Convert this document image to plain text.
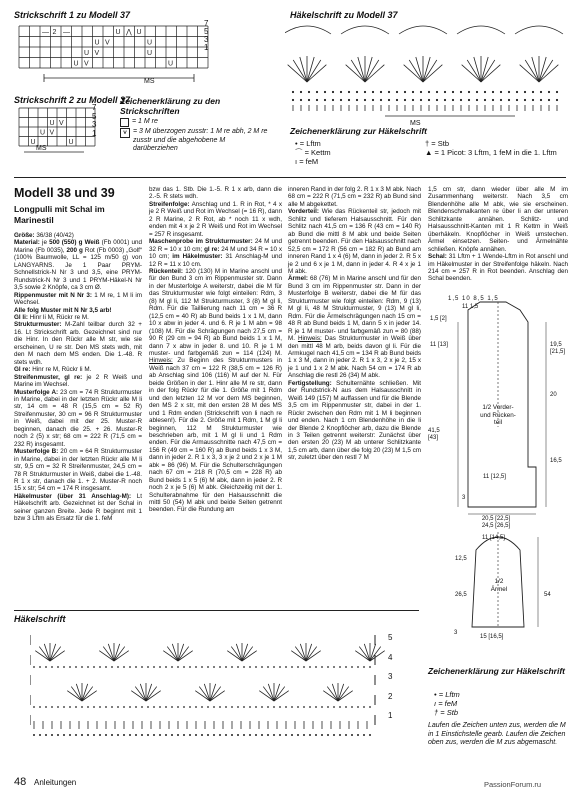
Strickschrift 1 zu Modell 37
— 2 —	U ⋀ U
U V	U
U V	U
U V	U
7
5
3
1
MS
Strickschrift 2 zu Modell 37
U V
U V
U	U
7
5
3
1
MS
Zeichenerklärung zu den Strickschriften
= 1 M re
⩛ = 3 M überzogen zusstr: 1 M re abh, 2 M re zusstr und die abgehobene M darüberziehen
Häkelschrift zu Modell 37
MS
Zeichenerklärung zur Häkelschrift
• = Lftm
⌒ = Kettm
ı = feM
† = Stb
▲ = 1 Picot: 3 Lftm, 1 feM in die 1. Lftm
Modell 38 und 39
Longpulli mit Schal im Marinestil

Größe: 36/38 (40/42)

Material: je 500 (550) g Weiß (Fb 0001) und Marine (Fb 0035), 200 g Rot (Fb 0003) „Golf“ (100% Baumwolle, LL = 125 m/50 g) von LANGYARNS. Je 1 Paar PRYM-Schnellstrick-N Nr 3 und 3,5, eine PRYM-Rundstrick-N Nr 3 und 1 PRYM-Häkel-N Nr 3,5 sowie 2 Knöpfe, ca 3 cm Ø.

Rippenmuster mit N Nr 3: 1 M re, 1 M li im Wechsel.

Alle folg Muster mit N Nr 3,5 arb!

Gl li: Hinr li M, Rückr re M.

Strukturmuster: M-Zahl teilbar durch 32 + 16. Lt Strickschrift arb. Gezeichnet sind nur die Hinr. In den Rückr alle M str, wie sie erscheinen, U re str. Den MS stets wdh, mit den M nach dem MS enden. Die 1.-48. R stets wdh.

Gl re: Hinr re M, Rückr li M.

Streifenmuster, gl re: je 2 R Weiß und Marine im Wechsel.

Musterfolge A: 23 cm = 74 R Strukturmuster in Marine, dabei in der letzten Rückr alle M li str, 14 cm = 48 R (15,5 cm = 52 R) Streifenmuster, 30 cm = 96 R Strukturmuster in Weiß, dabei mit der 25. Muster-R beginnen, danach die 25. + 26. Muster-R noch 2 (5) x str; 68 cm = 222 R (71,5 cm = 232 R) insgesamt.

Musterfolge B: 20 cm = 64 R Strukturmuster in Marine, dabei in der letzten Rückr alle M li str, 9,5 cm = 32 R Streifenmuster, 24,5 cm = 78 R Strukturmuster in Weiß, dabei die 1.-48. R 1 x str, danach die 1. + 2. Muster-R noch 15 x str; 54 cm = 174 R insgesamt.

Häkelmuster (über 31 Anschlag-M): Lt Häkelschrift arb. Gezeichnet ist der Schal in seiner ganzen Breite. Jede R beginnt mit 1 bzw 3 Lftm als Ersatz für die 1. feM

bzw das 1. Stb. Die 1.-5. R 1 x arb, dann die 2.-5. R stets wdh.

Streifenfolge: Anschlag und 1. R in Rot, * 4 x je 2 R Weiß und Rot im Wechsel (= 16 R), dann 2 R Marine, 2 R Rot, ab * noch 11 x wdh, enden mit 4 x je 2 R Weiß und Rot im Wechsel = 257 R insgesamt.

Maschenprobe im Strukturmuster: 24 M und 32 R = 10 x 10 cm; gl re: 24 M und 34 R = 10 x 10 cm; im Häkelmuster: 31 Anschlag-M und 12 R = 11 x 10 cm.

Rückenteil: 120 (130) M in Marine anschl und für den Bund 3 cm im Rippenmuster str. Dann in der Musterfolge A weiterstr, dabei die M für das Strukturmuster wie folgt einteilen: Rdm, 3 (8) M gl li, 112 M Strukturmuster, 3 (8) M gl li, Rdm. Für die Taillierung nach 11 cm = 36 R (12,5 cm = 40 R) ab Bund beids 1 x 1 M, dann 10 x abw in jeder 4. und 6. R je 1 M abn = 98 (108) M. Für die Schrägungen nach 27,5 cm = 90 R (29 cm = 94 R) ab Bund beids 1 x 1 M, dann 7 x abw in jeder 8. und 10. R je 1 M muster- und farbgemäß zun = 114 (124) M. Hinweis: Zu Beginn des Strukturmusters in Weiß nach 37 cm = 122 R (38,5 cm = 126 R) ab Anschlag sind 106 (116) M auf der N. Für beide Größen in der 1. Hinr alle M re str, dann in der folg Rückr für die 1. Größe mit 1 Rdm und den letzten 12 M vor dem MS beginnen, den MS 2 x str, mit den ersten 28 M des MS und 1 Rdm enden (Strickschrift von li nach re ablesen!). Für die 2. Größe mit 1 Rdm, 1 M gl li beginnen, 112 M Strukturmuster wie beschrieben arb, mit 1 M gl li und 1 Rdm enden. Für die Armausschnitte nach 47,5 cm = 156 R (49 cm = 160 R) ab Bund beids 1 x 3 M, dann in jeder 2. R 1 x 3, 3 x je 2 und 2 x je 1 M abk = 86 (96) M. Für die Schulterschrägungen nach 67 cm = 218 R (70,5 cm = 228 R) ab Bund beids 1 x 5 (6) M abk, dann in jeder 2. R noch 2 x je 5 (6) M abk. Gleichzeitig mit der 1. Schulterabnahme für den Halsausschnitt die mittl 50 (54) M abk und beide Seiten getrennt beenden. Für die Rundung am

inneren Rand in der folg 2. R 1 x 3 M abk. Nach 68 cm = 222 R (71,5 cm = 232 R) ab Bund sind alle M abgekettet.

Vorderteil: Wie das Rückenteil str, jedoch mit Schlitz und tieferem Halsausschnitt. Für den Schlitz nach 41,5 cm = 136 R (43 cm = 140 R) ab Bund die mittl 8 M abk und beide Seiten getrennt beenden. Für den Halsausschnitt nach 52,5 cm = 172 R (56 cm = 182 R) ab Bund am inneren Rand 1 x 4 (6) M, dann in jeder 2. R 5 x je 2 und 6 x je 1 M, dann in jeder 4. R 4 x je 1 M abk.

Ärmel: 68 (76) M in Marine anschl und für den Bund 3 cm im Rippenmuster str. Dann in der Musterfolge B weiterstr, dabei die M für das Strukturmuster wie folgt einteilen: Rdm, 9 (13) M gl li, 48 M Strukturmuster, 9 (13) M gl li, Rdm. Für die Ärmelschrägungen nach 15 cm = 48 R ab Bund beids 1 M, dann 5 x in jeder 14. R je 1 M muster- und farbgemäß zun = 80 (88) M. Hinweis: Das Strukturmuster in Weiß über den mittl 48 M arb, beids davon gl li. Für die Armkugel nach 41,5 cm = 134 R ab Bund beids 1 x 3 M, dann in jeder 2. R 1 x 3, 2 x je 2, 15 x je 1 und 1 x 2 M abk. Nach 54 cm = 174 R ab Anschlag die restl 26 (34) M abk.

Fertigstellung: Schulternähte schließen. Mit der Rundstrick-N aus dem Halsausschnitt in Weiß 149 (157) M auffassen und für die Blende 3,5 cm im Rippenmuster str, dabei in der 1. Rückr zwischen den Rdm mit 1 M li beginnen und enden. Nach 1 cm Blendenhöhe in die li der Blende 2 Knopflöcher arb, dazu die Blende in 3 Teilen getrennt weiterstr: Zunächst über den ersten 20 (23) M ab unterer Schlitzkante 1,5 cm arb, dann über die folg 20 (23) M 1,5 cm str, zuletzt über den restl 7 M

1,5 cm str, dann wieder über alle M im Zusammenhang weiterstr. Nach 3,5 cm Blendenhöhe alle M abk, wie sie erscheinen. Blendenschmalkanten re über li an der unteren Schlitzkante annähen. Schlitz- und Halsausschnitt-Kanten mit 1 R Kettm in Weiß überhäkeln. Knopflöcher in Weiß umstechen. Ärmel einsetzen. Seiten- und Ärmelnähte schließen. Knöpfe annähen.

Schal: 31 Lftm + 1 Wende-Lftm in Rot anschl und im Häkelmuster in der Streifenfolge häkeln. Nach 214 cm = 257 R in Rot beenden. Anschlag den Schal beenden.

1,5 10 8,5 1,5
11 1,5
1,5 [2]
11 [13]
41,5 [43]
19,5 [21,5]
20
16,5
1/2 Vorder- und Rücken-teil
11 [12,5]
3
20,5 [22,5]
24,5 [26,5]
11 [14,5]
12,5
26,5	54
1/2 Ärmel
3
15 [16,5]
Häkelschrift
5
4
3
2
1
Zeichenerklärung zur Häkelschrift
• = Lftm
ı = feM
† = Stb
Laufen die Zeichen unten zus, werden die M in 1 Einstichstelle gearb. Laufen die Zeichen oben zus, werden die M zus abgemascht.
48 Anleitungen	PassionForum.ru
